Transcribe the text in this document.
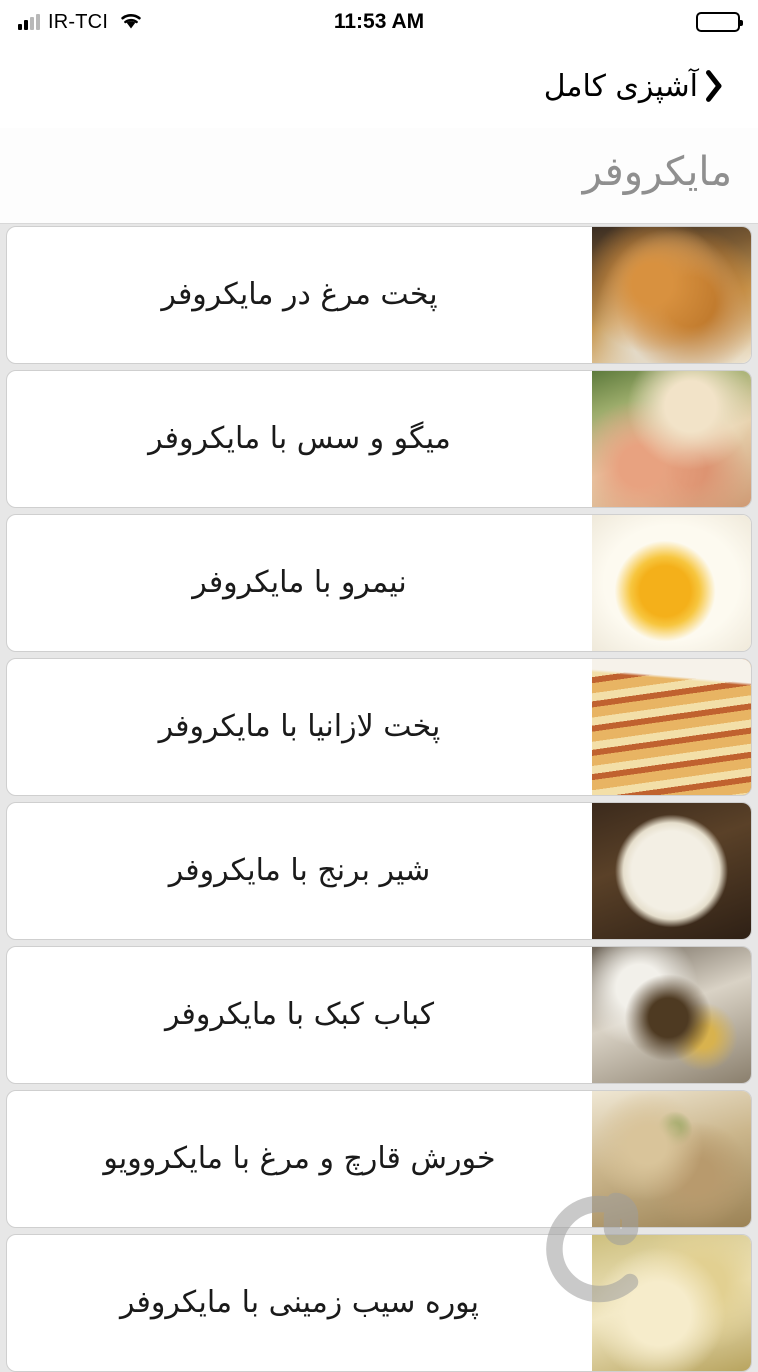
IR-TCI	11:53 AM
آشپزی کامل
مایکروفر
پخت مرغ در مایکروفر
میگو و سس با مایکروفر
نیمرو با مایکروفر
پخت لازانیا با مایکروفر
شیر برنج با مایکروفر
کباب کبک با مایکروفر
خورش قارچ و مرغ با مایکروویو
پوره سیب زمینی با مایکروفر
